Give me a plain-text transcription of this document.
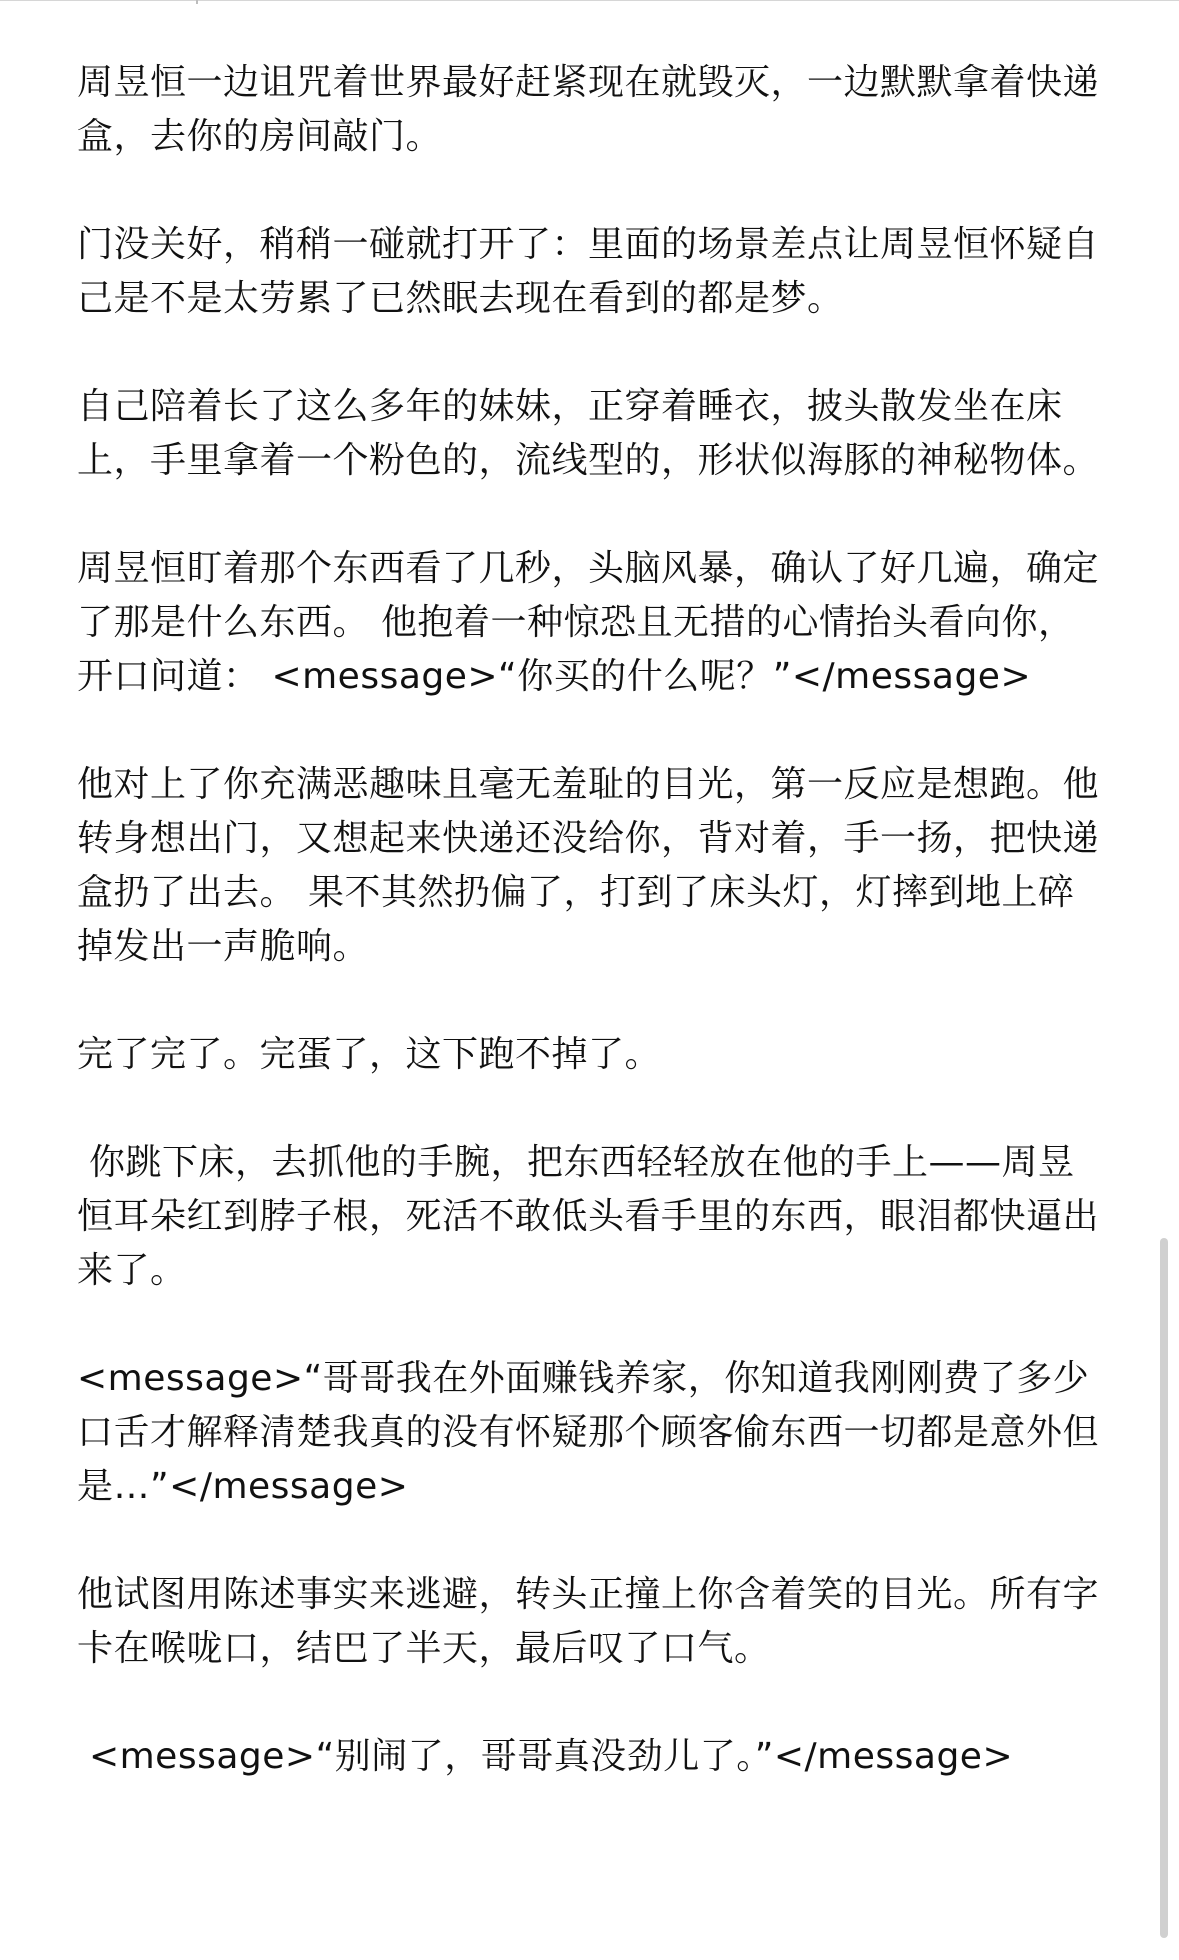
周昱恒一边诅咒着世界最好赶紧现在就毁灭，一边默默拿着快递盒，去你的房间敲门。

门没关好，稍稍一碰就打开了：里面的场景差点让周昱恒怀疑自己是不是太劳累了已然眠去现在看到的都是梦。

自己陪着长了这么多年的妹妹，正穿着睡衣，披头散发坐在床上，手里拿着一个粉色的，流线型的，形状似海豚的神秘物体。

周昱恒盯着那个东西看了几秒，头脑风暴，确认了好几遍，确定了那是什么东西。 他抱着一种惊恐且无措的心情抬头看向你，开口问道： <message>“你买的什么呢？”</message>

他对上了你充满恶趣味且毫无羞耻的目光，第一反应是想跑。他转身想出门，又想起来快递还没给你，背对着，手一扬，把快递盒扔了出去。 果不其然扔偏了，打到了床头灯，灯摔到地上碎掉发出一声脆响。

完了完了。完蛋了，这下跑不掉了。

你跳下床，去抓他的手腕，把东西轻轻放在他的手上——周昱恒耳朵红到脖子根，死活不敢低头看手里的东西，眼泪都快逼出来了。

<message>“哥哥我在外面赚钱养家，你知道我刚刚费了多少口舌才解释清楚我真的没有怀疑那个顾客偷东西一切都是意外但是…”</message>

他试图用陈述事实来逃避，转头正撞上你含着笑的目光。所有字卡在喉咙口，结巴了半天，最后叹了口气。

<message>“别闹了，哥哥真没劲儿了。”</message>
